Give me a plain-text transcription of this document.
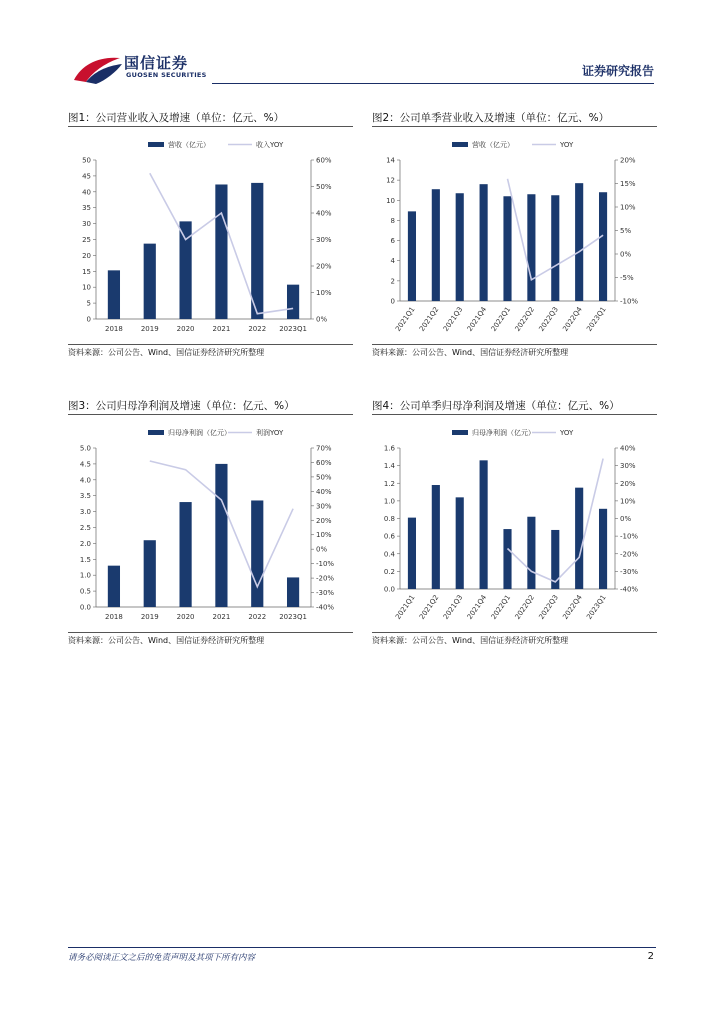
国信证券
GUOSEN SECURITIES	证券研究报告
图1：公司营业收入及增速（单位：亿元、%）
营收（亿元）	收入YOY
0
5
10
15
20
25
30
35
40
45
50
0%
10%
20%
30%
40%
50%
60%
2018	2019	2020	2021	2022 2023Q1
资料来源：公司公告、Wind、国信证券经济研究所整理
图2：公司单季营业收入及增速（单位：亿元、%）
营收（亿元）	YOY
0
2
4
6
8
10
12
14
-10%
-5%
0%
5%
10%
15%
20%
2021Q1 2021Q2 2021Q3 2021Q4 2022Q1 2022Q2 2022Q3 2022Q4 2023Q1
资料来源：公司公告、Wind、国信证券经济研究所整理
图3：公司归母净利润及增速（单位：亿元、%）
归母净利润（亿元）	利润YOY
0.0
0.5
1.0
1.5
2.0
2.5
3.0
3.5
4.0
4.5
5.0
-40%
-30%
-20%
-10%
0%
10%
20%
30%
40%
50%
60%
70%
2018	2019	2020	2021	2022 2023Q1
资料来源：公司公告、Wind、国信证券经济研究所整理
图4：公司单季归母净利润及增速（单位：亿元、%）
归母净利润（亿元）	YOY
0.0
0.2
0.4
0.6
0.8
1.0
1.2
1.4
1.6
-40%
-30%
-20%
-10%
0%
10%
20%
30%
40%
2021Q1 2021Q2 2021Q3 2021Q4 2022Q1 2022Q2 2022Q3 2022Q4 2023Q1
资料来源：公司公告、Wind、国信证券经济研究所整理
请务必阅读正文之后的免责声明及其项下所有内容	2
